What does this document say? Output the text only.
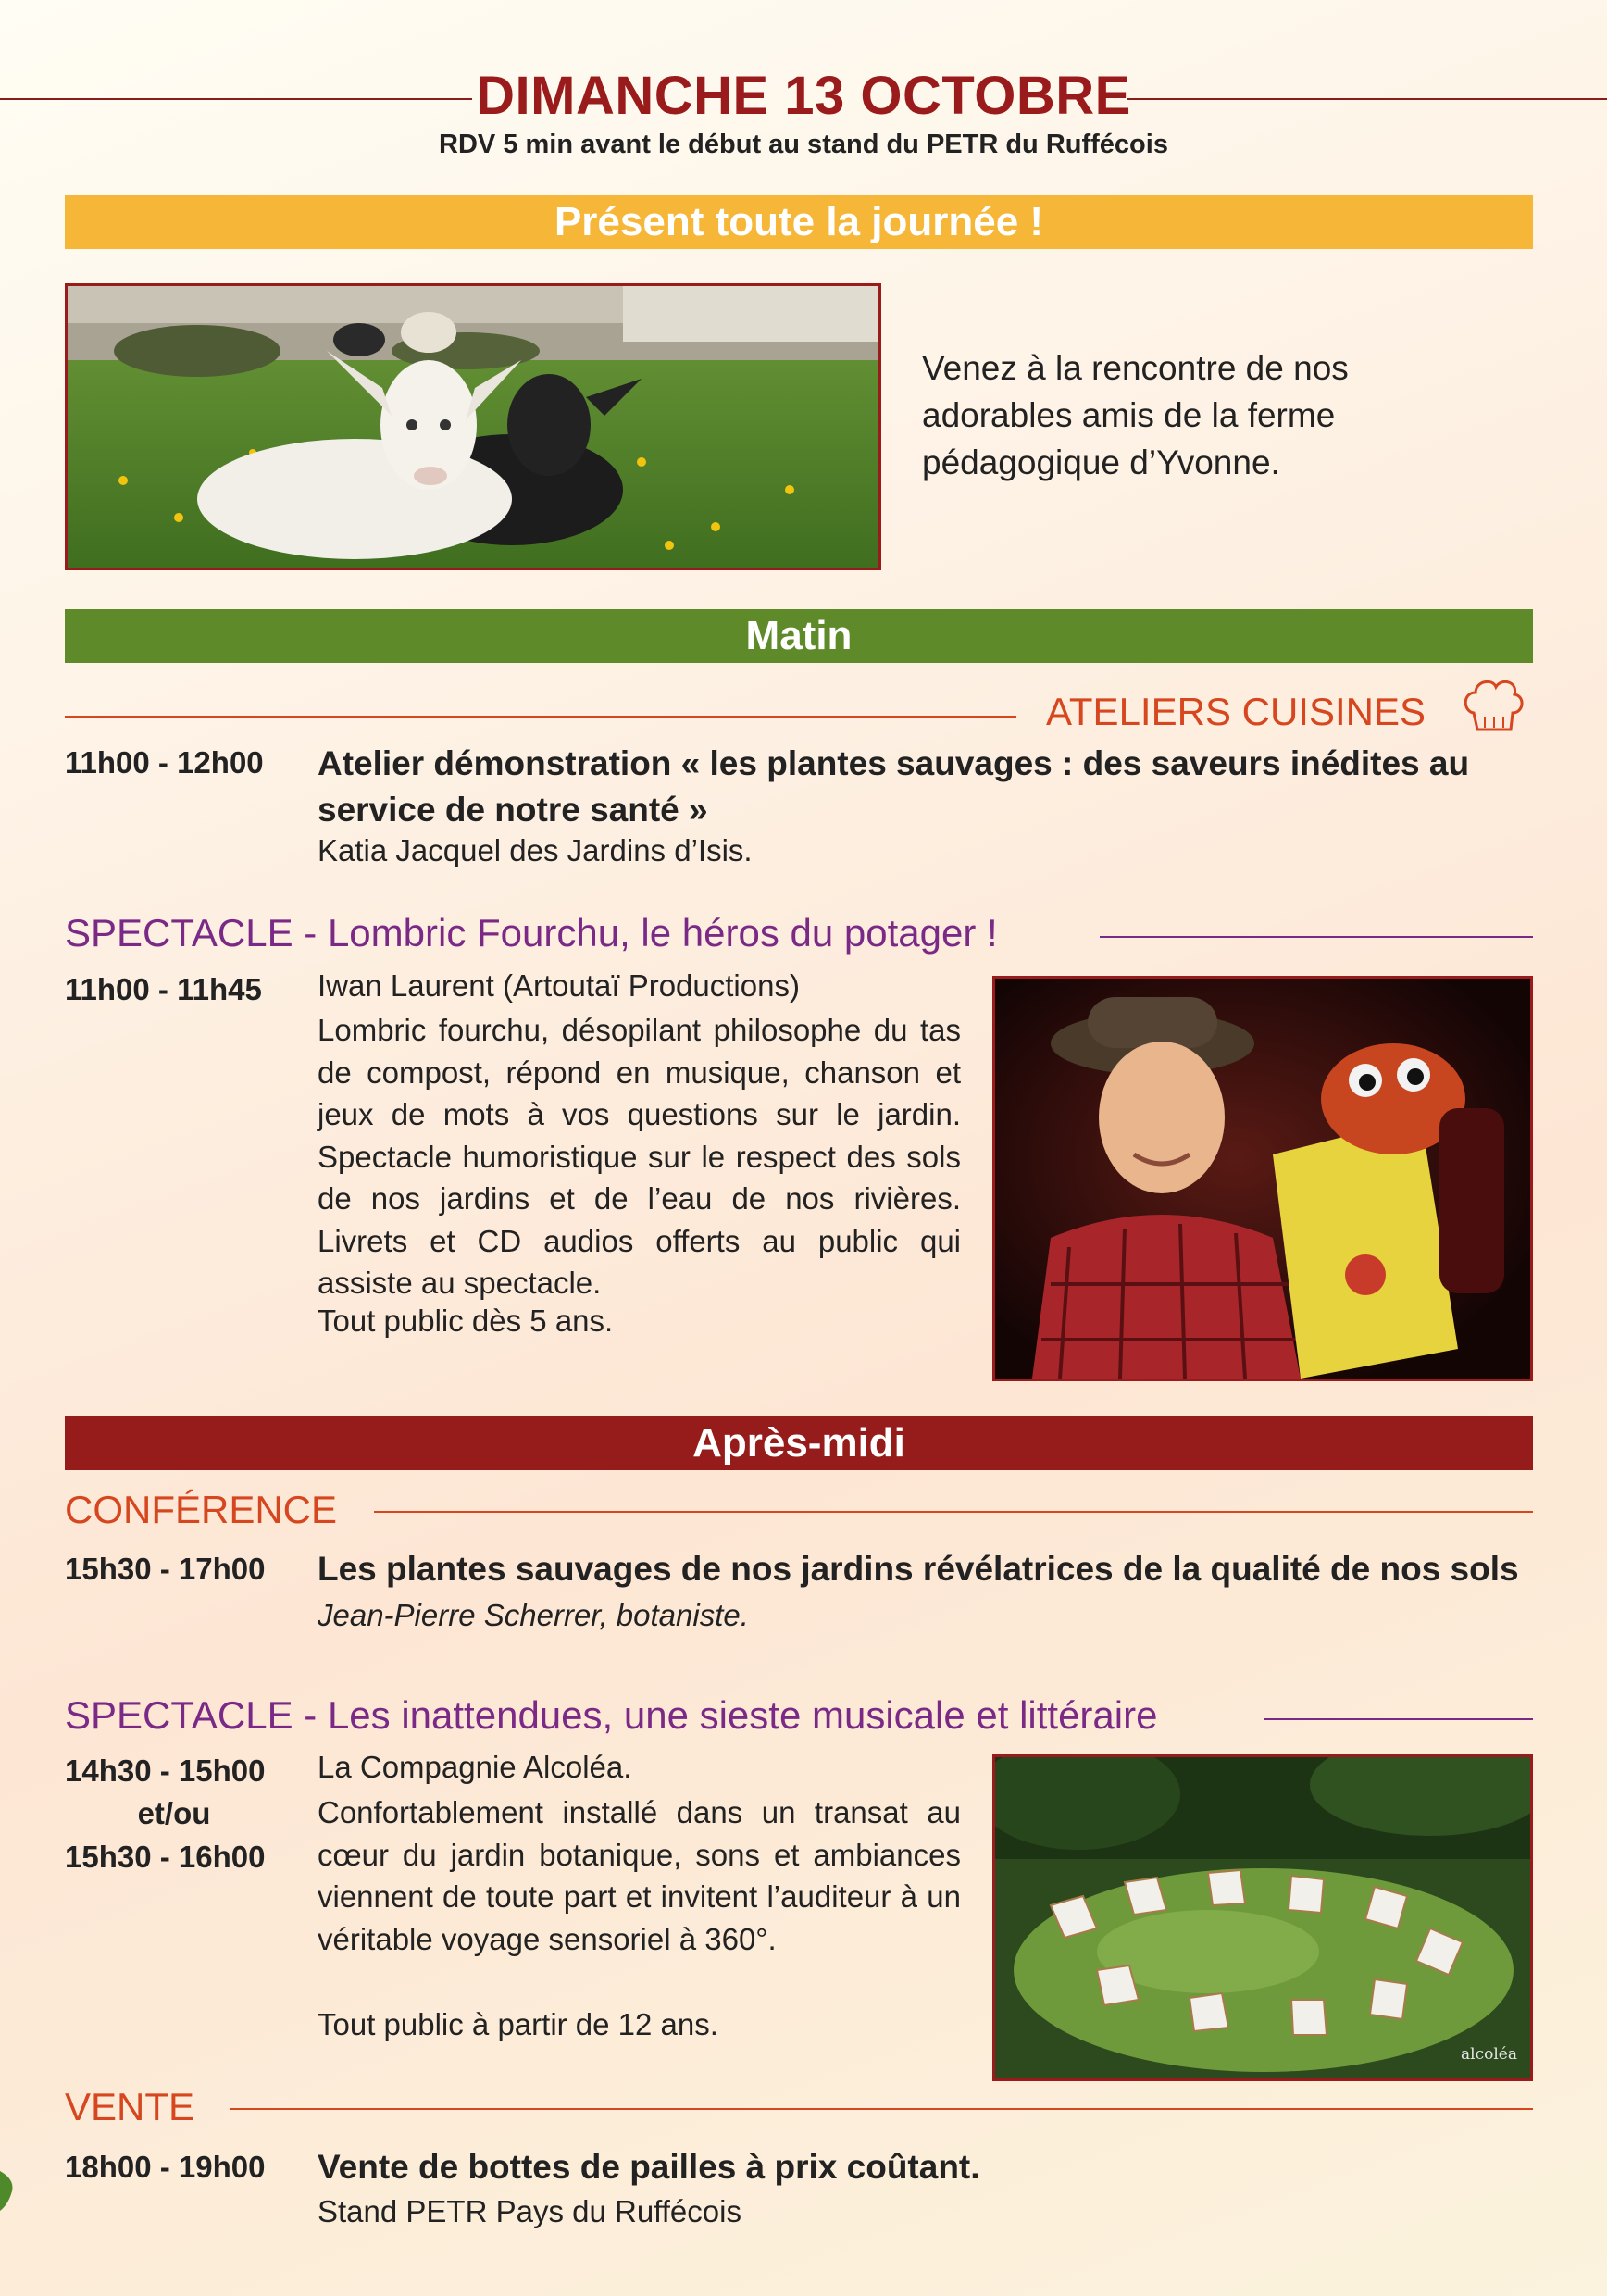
DIMANCHE 13 OCTOBRE
RDV 5 min avant le début au stand du PETR du Ruffécois
Présent toute la journée !
Venez à la rencontre de nos adorables amis de la ferme pédagogique d’Yvonne.
Matin
ATELIERS CUISINES
11h00 - 12h00 Atelier démonstration « les plantes sauvages : des saveurs inédites au service de notre santé »
Katia Jacquel des Jardins d’Isis.
SPECTACLE - Lombric Fourchu, le héros du potager !
11h00 - 11h45 Iwan Laurent (Artoutaï Productions)
Lombric fourchu, désopilant philosophe du tas de compost, répond en musique, chanson et jeux de mots à vos questions sur le jardin. Spectacle humoristique sur le respect des sols de nos jardins et de l’eau de nos rivières. Livrets et CD audios offerts au public qui assiste au spectacle.
Tout public dès 5 ans.
Après-midi
CONFÉRENCE
15h30 - 17h00 Les plantes sauvages de nos jardins révélatrices de la qualité de nos sols
Jean-Pierre Scherrer, botaniste.
SPECTACLE - Les inattendues, une sieste musicale et littéraire
14h30 - 15h00
et/ou
15h30 - 16h00
La Compagnie Alcoléa.
Confortablement installé dans un transat au cœur du jardin botanique, sons et ambiances viennent de toute part et invitent l’auditeur à un véritable voyage sensoriel à 360°.
Tout public à partir de 12 ans.
alcoléa
VENTE
18h00 - 19h00 Vente de bottes de pailles à prix coûtant.
Stand PETR Pays du Ruffécois
